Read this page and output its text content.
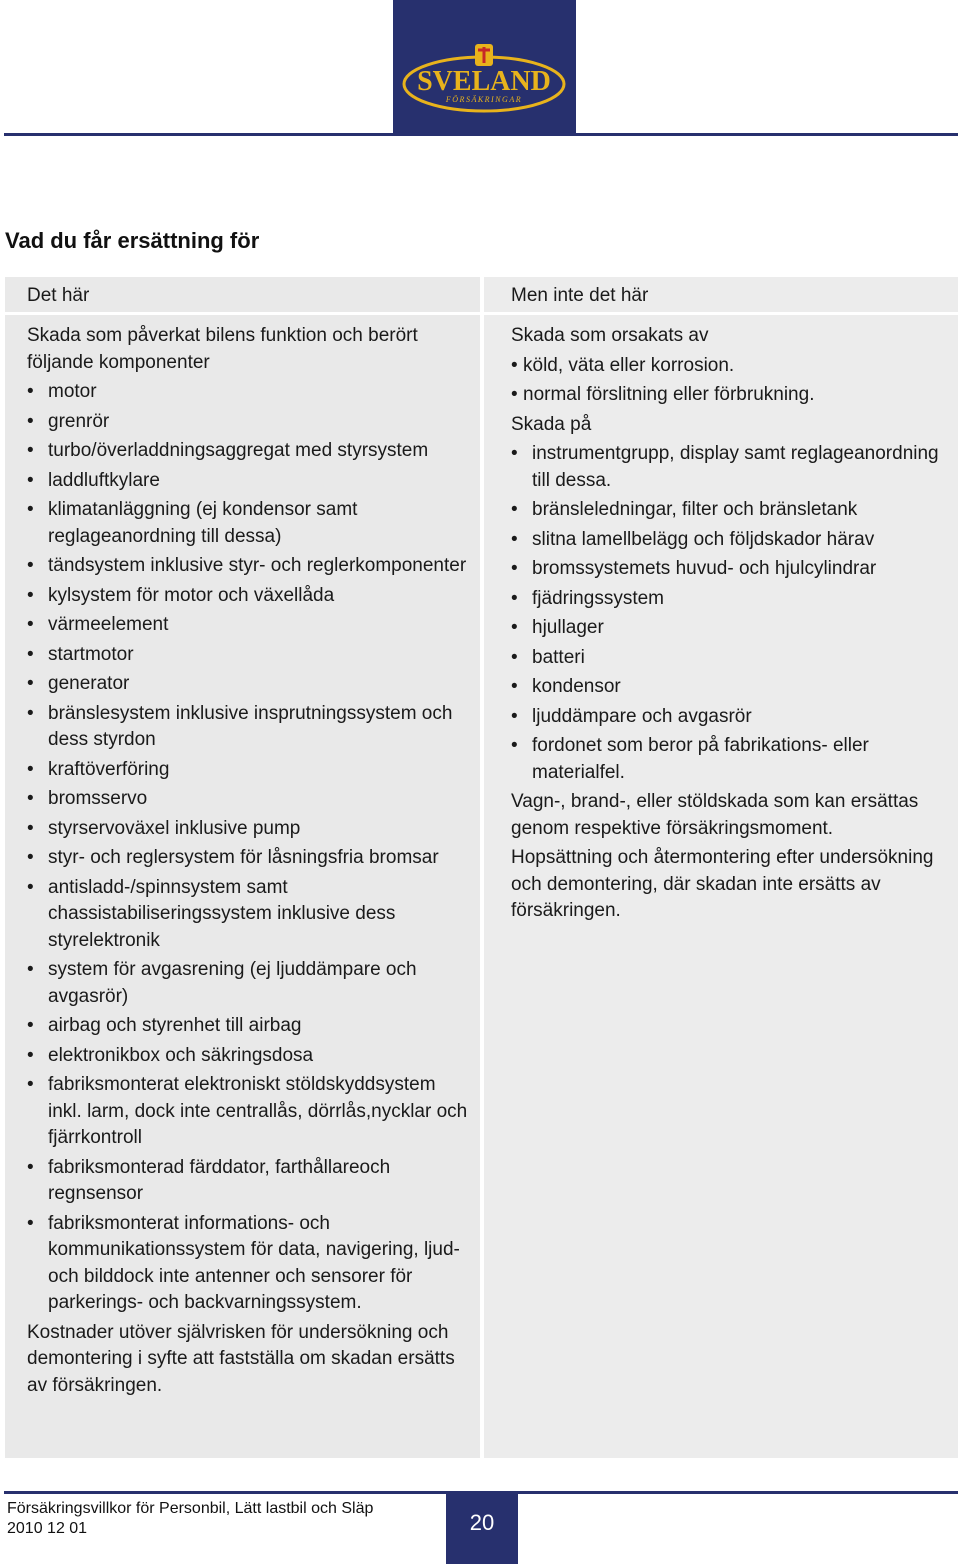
SVELAND
FÖRSÄKRINGAR
Vad du får ersättning för
Det här

Skada som påverkat bilens funktion och berört följande komponenter

• motor
• grenrör
• turbo/överladdningsaggregat med styrsystem
• laddluftkylare
• klimatanläggning (ej kondensor samt reglageanordning till dessa)
• tändsystem inklusive styr- och reglerkomponenter
• kylsystem för motor och växellåda
• värmeelement
• startmotor
• generator
• bränslesystem inklusive insprutningssystem och dess styrdon
• kraftöverföring
• bromsservo
• styrservoväxel inklusive pump
• styr- och reglersystem för låsningsfria bromsar
• antisladd-/spinnsystem samt chassistabiliseringssystem inklusive dess styrelektronik
• system för avgasrening (ej ljuddämpare och avgasrör)
• airbag och styrenhet till airbag
• elektronikbox och säkringsdosa
• fabriksmonterat elektroniskt stöldskyddsystem inkl. larm, dock inte centrallås, dörrlås,nycklar och fjärrkontroll
• fabriksmonterad färddator, farthållareoch regnsensor
• fabriksmonterat informations- och kommunikationssystem för data, navigering, ljud-och bilddock inte antenner och sensorer för parkerings- och backvarningssystem.

Kostnader utöver självrisken för undersökning och demontering i syfte att fastställa om skadan ersätts av försäkringen.

Men inte det här

Skada som orsakats av

• köld, väta eller korrosion.
• normal förslitning eller förbrukning.

Skada på

• instrumentgrupp, display samt reglageanordning till dessa.
• bränsleledningar, filter och bränsletank
• slitna lamellbelägg och följdskador härav
• bromssystemets huvud- och hjulcylindrar
• fjädringssystem
• hjullager
• batteri
• kondensor
• ljuddämpare och avgasrör
• fordonet som beror på fabrikations- eller materialfel.

Vagn-, brand-, eller stöldskada som kan ersättas genom respektive försäkringsmoment.

Hopsättning och återmontering efter undersökning och demontering, där skadan inte ersätts av försäkringen.

Försäkringsvillkor för Personbil, Lätt lastbil och Släp
2010 12 01	20
